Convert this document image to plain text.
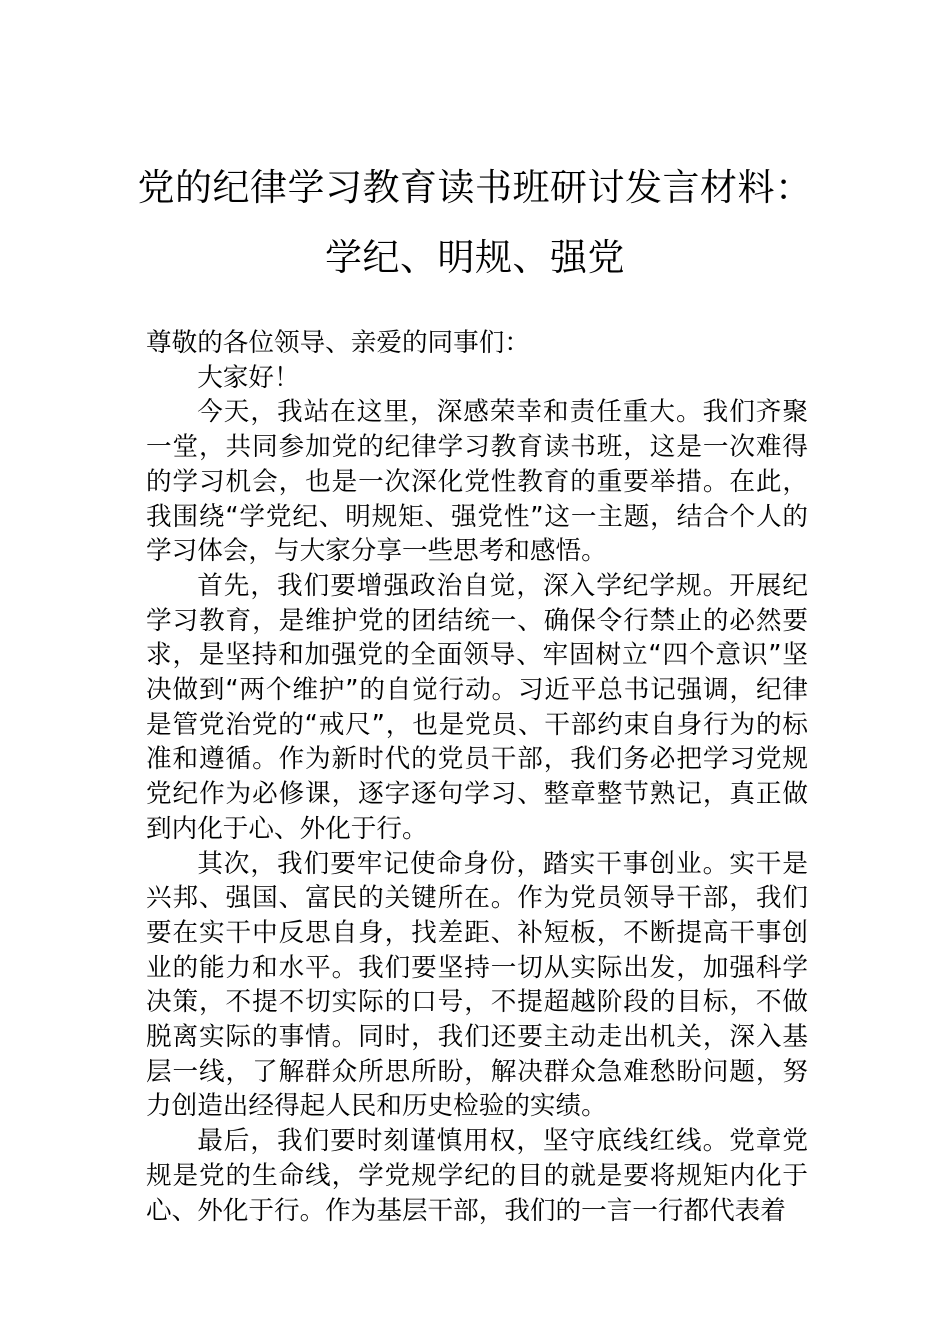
党的纪律学习教育读书班研讨发言材料：
学纪、明规、强党

尊敬的各位领导、亲爱的同事们：

大家好！

今天，我站在这里，深感荣幸和责任重大。我们齐聚一堂，共同参加党的纪律学习教育读书班，这是一次难得的学习机会，也是一次深化党性教育的重要举措。在此，我围绕“学党纪、明规矩、强党性”这一主题，结合个人的学习体会，与大家分享一些思考和感悟。

首先，我们要增强政治自觉，深入学纪学规。开展纪学习教育，是维护党的团结统一、确保令行禁止的必然要求，是坚持和加强党的全面领导、牢固树立“四个意识”坚决做到“两个维护”的自觉行动。习近平总书记强调，纪律是管党治党的“戒尺”，也是党员、干部约束自身行为的标准和遵循。作为新时代的党员干部，我们务必把学习党规党纪作为必修课，逐字逐句学习、整章整节熟记，真正做到内化于心、外化于行。

其次，我们要牢记使命身份，踏实干事创业。实干是兴邦、强国、富民的关键所在。作为党员领导干部，我们要在实干中反思自身，找差距、补短板，不断提高干事创业的能力和水平。我们要坚持一切从实际出发，加强科学决策，不提不切实际的口号，不提超越阶段的目标，不做脱离实际的事情。同时，我们还要主动走出机关，深入基层一线，了解群众所思所盼，解决群众急难愁盼问题，努力创造出经得起人民和历史检验的实绩。

最后，我们要时刻谨慎用权，坚守底线红线。党章党规是党的生命线，学党规学纪的目的就是要将规矩内化于心、外化于行。作为基层干部，我们的一言一行都代表着
